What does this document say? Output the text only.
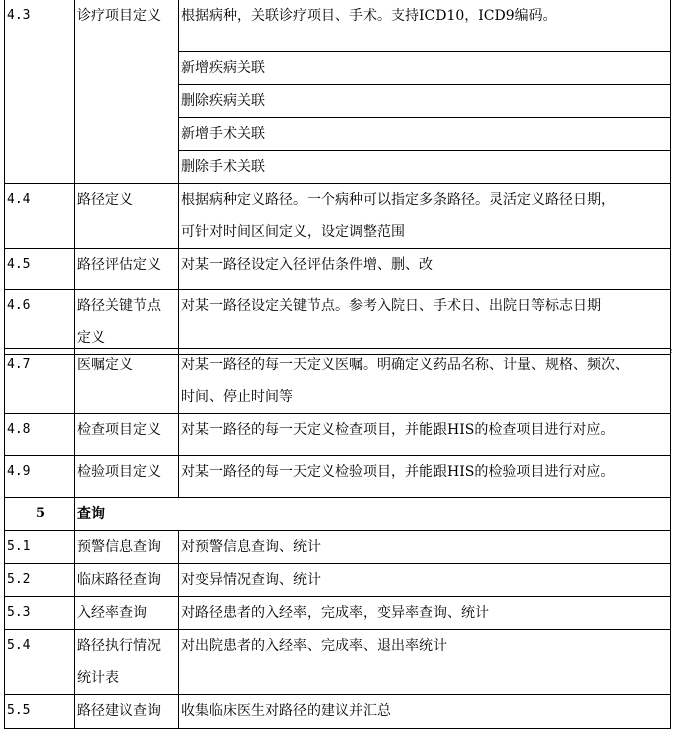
4.3	诊疗项目定义	根据病种，关联诊疗项目、手术。支持ICD10，ICD9编码。
		新增疾病关联
		删除疾病关联
		新增手术关联
		删除手术关联
4.4	路径定义	根据病种定义路径。一个病种可以指定多条路径。灵活定义路径日期，
可针对时间区间定义，设定调整范围
4.5	路径评估定义	对某一路径设定入径评估条件增、删、改
4.6	路径关键节点
定义	对某一路径设定关键节点。参考入院日、手术日、出院日等标志日期
4.7	医嘱定义	对某一路径的每一天定义医嘱。明确定义药品名称、计量、规格、频次、
时间、停止时间等
4.8	检查项目定义	对某一路径的每一天定义检查项目，并能跟HIS的检查项目进行对应。
4.9	检验项目定义	对某一路径的每一天定义检验项目，并能跟HIS的检验项目进行对应。
5	查询	
5.1	预警信息查询	对预警信息查询、统计
5.2	临床路径查询	对变异情况查询、统计
5.3	入经率查询	对路径患者的入经率，完成率，变异率查询、统计
5.4	路径执行情况
统计表	对出院患者的入经率、完成率、退出率统计
5.5	路径建议查询	收集临床医生对路径的建议并汇总
